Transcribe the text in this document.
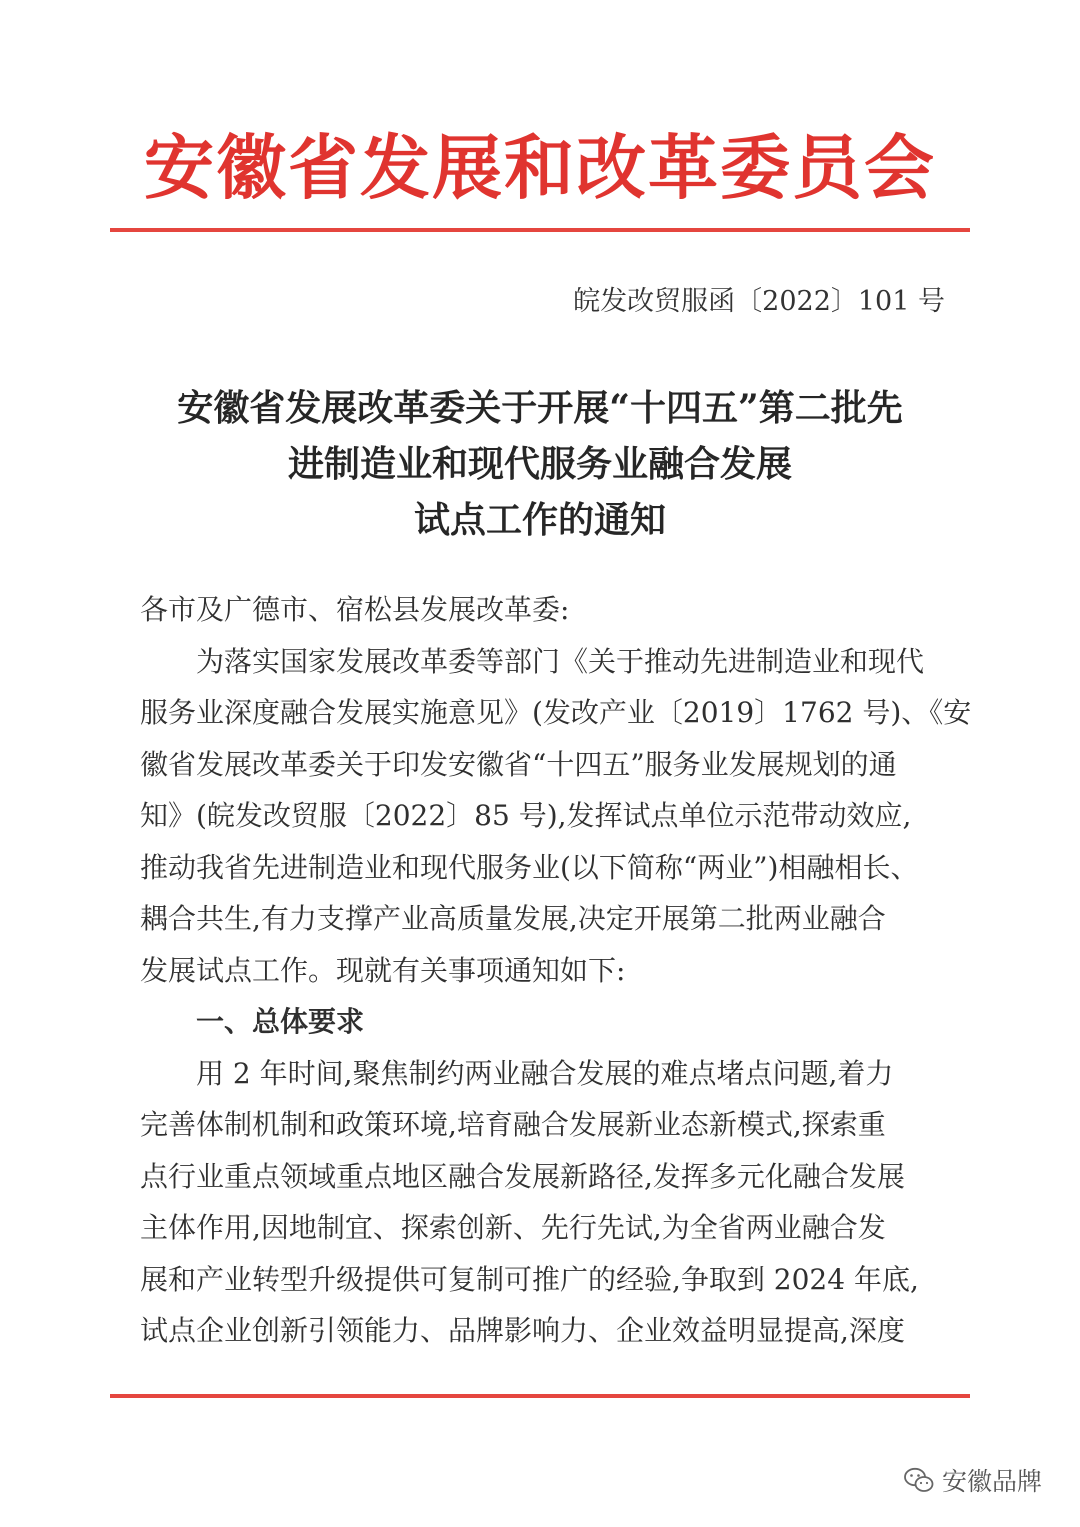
安徽省发展和改革委员会
皖发改贸服函〔2022〕101 号
安徽省发展改革委关于开展“十四五”第二批先
进制造业和现代服务业融合发展
试点工作的通知
各市及广德市、宿松县发展改革委:
为落实国家发展改革委等部门《关于推动先进制造业和现代
服务业深度融合发展实施意见》(发改产业〔2019〕1762 号)、《安
徽省发展改革委关于印发安徽省“十四五”服务业发展规划的通
知》(皖发改贸服〔2022〕85 号),发挥试点单位示范带动效应,
推动我省先进制造业和现代服务业(以下简称“两业”)相融相长、
耦合共生,有力支撑产业高质量发展,决定开展第二批两业融合
发展试点工作。现就有关事项通知如下:
一、总体要求
用 2 年时间,聚焦制约两业融合发展的难点堵点问题,着力
完善体制机制和政策环境,培育融合发展新业态新模式,探索重
点行业重点领域重点地区融合发展新路径,发挥多元化融合发展
主体作用,因地制宜、探索创新、先行先试,为全省两业融合发
展和产业转型升级提供可复制可推广的经验,争取到 2024 年底,
试点企业创新引领能力、品牌影响力、企业效益明显提高,深度
安徽品牌
